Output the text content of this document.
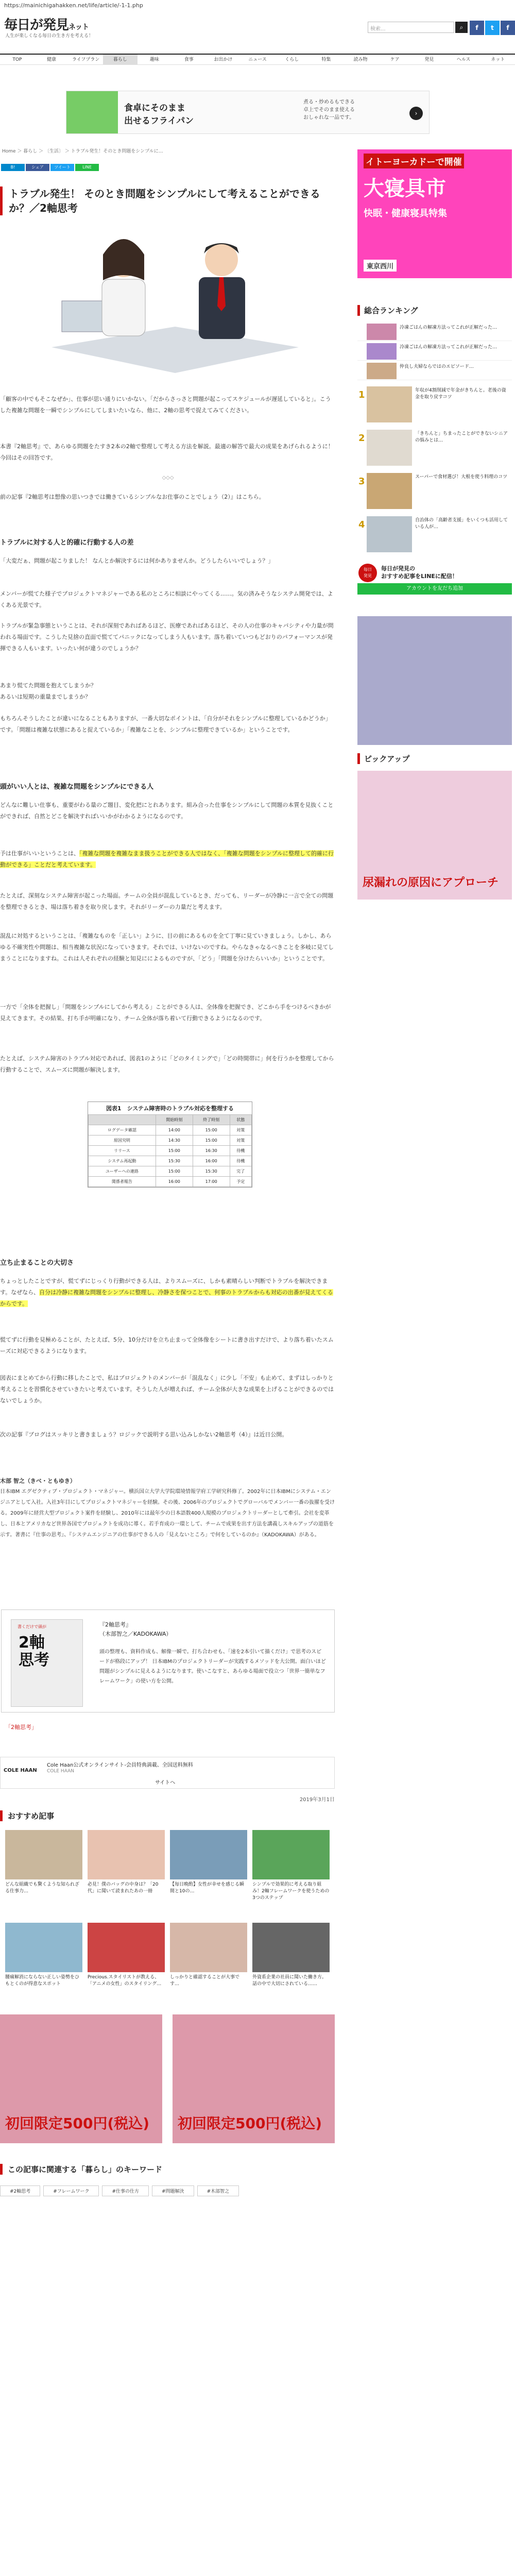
https://mainichigahakken.net/life/article/-1-1.php
毎日が発見ネット
人生が楽しくなる毎日の生き方を考える！
検索...	⌕	f	t	f
TOP	健康	ライフプラン	暮らし	趣味	食事	お出かけ	ニュース	くらし	特集	読み物	ケア	発見	ヘルス	ネット
食卓にそのまま
出せるフライパン
煮る・炒めるもできる
卓上でそのまま使える
おしゃれな一品です。
›
Home ＞ 暮らし ＞ 〔生活〕 ＞ トラブル発生！そのとき問題をシンプルに…
B!	シェア	ツイート	LINE
トラブル発生！ そのとき問題をシンプルにして考えることができるか？／2軸思考

「顧客の中でもそこなぜか」、仕事が思い通りにいかない。「だからさっさと問題が起こってスケジュールが遅延していると」。こうした複雑な問題を一瞬でシンプルにしてしまいたいなら、他に、2軸の思考で捉えてみてください。

本書『2軸思考』で、あらゆる問題をたすき2本の2軸で整理して考える方法を解説。最適の解答で最大の成果をあげられるように！ 今回はその回答です。

◇◇◇

前の記事『2軸思考は想像の思いつきでは働きているシンプルなお仕事のことでしょう（2）』はこちら。

トラブルに対する人と的確に行動する人の差

「大変だぁ、問題が起こりました！ なんとか解決するには何かありませんか。どうしたらいいでしょう？」

メンバーが慌てた様子でプロジェクトマネジャーである私のところに相談にやってくる……。気の済みそうなシステム開発では、よくある光景です。

トラブルが緊急事態ということは、それが深刻であればあるほど、医療であればあるほど、その人の仕事のキャパシティや力量が問われる場面です。こうした見捨の直面で慌ててパニックになってしまう人もいます。落ち着いていつもどおりのパフォーマンスが発揮できる人もいます。いったい何が違うのでしょうか？

あまり慌てた問題を抱えてしまうか？
あるいは短期の重量までしまうか？

もちろんそうしたことが違いになることもありますが、一番大切なポイントは、「自分がそれをシンプルに整理しているかどうか」です。「問題は複雑な状態にあると捉えているか」「複雑なことを、シンプルに整理できているか」ということです。

頭がいい人とは、複雑な問題をシンプルにできる人

どんなに難しい仕事も、重要がわる量のご題目、変化把にとれあります。組み合った仕事をシンプルにして問題の本質を見抜くことができれば、自然とどこを解決すればいいかがわかるようになるのです。

予は仕事がいいということは、「複雑な問題を複雑なまま扱うことができる人ではなく、「複雑な問題をシンプルに整理して的確に行動ができる」ことだと考えています。

たとえば、深刻なシステム障害が起こった場面。チームの全員が混乱しているとき、だっても、リーダーが冷静に一言で全ての問題を整理できるとき、場は落ち着きを取り戻します。それがリーダーの力量だと考えます。

混乱に対処するということは、「複雑なものを「正しい」ように、目の前にあるものを全て丁寧に見ていきましょう。しかし、あらゆる不確実性や問題は、相当複雑な状況になっていきます。それでは、いけないのですね。やらなきゃなるべきことを多岐に見てしまうことになりますね。これは人それぞれの経験と知見にによるものですが、「どう」「問題を分けたらいいか」ということです。

一方で「全体を把握し」「問題をシンプルにしてから考える」ことができる人は、全体像を把握でき、どこから手をつけるべきかが見えてきます。その結果、打ち手が明確になり、チーム全体が落ち着いて行動できるようになるのです。

たとえば、システム障害のトラブル対応であれば、図表1のように「どのタイミングで」「どの時間帯に」何を行うかを整理してから行動することで、スムーズに問題が解決します。

図表1　システム障害時のトラブル対応を整理する
	開始時刻	終了時刻	状態
ログデータ確認	14:00	15:00	対策
原因究明	14:30	15:00	対策
リリース	15:00	16:30	待機
システム再起動	15:30	16:00	待機
ユーザーへの連絡	15:00	15:30	完了
関係者報告	16:00	17:00	予定
立ち止まることの大切さ

ちょっとしたことですが、慌てずにじっくり行動ができる人は、よりスムーズに、しかも素晴らしい判断でトラブルを解決できます。なぜなら、自分は冷静に複雑な問題をシンプルに整理し、冷静さを保つことで、何事のトラブルからも対応の出番が見えてくるからです。

慌てずに行動を見極めることが、たとえば、5分、10分だけを立ち止まって全体像をシートに書き出すだけで、より落ち着いたスムーズに対応できるようになります。

図表にまとめてから行動に移したことで、私はプロジェクトのメンバーが「混乱なく」に少し「不安」も止めて、まずはしっかりと考えることを習慣化させていきたいと考えています。そうした人が増えれば、チーム全体が大きな成果を上げることができるのではないでしょうか。

次の記事『ブログはスッキリと書きましょう？ロジックで説明する思い込みしかない2軸思考（4）』は近日公開。

木部 智之（きべ・ともゆき）
日本IBM エグゼクティブ・プロジェクト・マネジャー。横浜国立大学大学院環境情報学府工学研究科修了。2002年に日本IBMにシステム・エンジニアとして入社。入社3年目にしてプロジェクトマネジャーを経験。その後、2006年のプロジェクトでグローバルでメンバー一番の抜擢を受ける。2009年に経営大型プロジェクト案件を経験し、2010年には最年少の日本語数400人規模のプロジェクトリーダーとして牽引。会社を変革し、日本とアメリカなど世界各国でプロジェクトを成功に導く。若手育成の一環として、チームで成果を出す方法を講義しスキルアップの道筋を示す。著書に『仕事の思考』、『システムエンジニアの仕事ができる人の「見えないところ」で何をしているのか』（KADOKAWA）がある。
書くだけで頭が
2軸
思考
『2軸思考』
（木部智之／KADOKAWA）
頭の整理も、資料作成も、解像一瞬で。打ち合わせも、「速を2本引いて描くだけ」で思考のスピードが格段にアップ！ 日本IBMのプロジェクトリーダーが実践するメソッドを大公開。面白いほど問題がシンプルに見えるようになります。使いこなすと、あらゆる場面で役立つ「世界一簡単なフレームワーク」の使い方を公開。
「2軸思考」
COLE HAAN
Cole Haan公式オンラインサイト-会員特典満載、全国送料無料
COLE HAAN
サイトへ
2019年3月1日
おすすめ記事
どんな組織でも驚くような知られざる仕事力…
必見！僕のバッグの中身は？「20代」に聞いて読まれたあの一冊
【毎日晩酌】女性が幸せを感じる瞬間と10の…
シンプルで効果的に考える取り組み！2軸フレームワークを使うための3つのステップ
腰痛解消にならない正しい姿勢をひもとくのが得意なスポット
Precious.スタイリストが教える、「アニメの女性」のスタイリング…
しっかりと確認することが大事です…
外資系企業の社員に聞いた働き方。話の中で大切にされている……
初回限定500円(税込) 初回限定500円(税込)
この記事に関連する「暮らし」のキーワード
#2軸思考	#フレームワーク	#仕事の仕方	#問題解決	#木部智之
イトーヨーカドーで開催
大寝具市
快眠・健康寝具特集
東京西川
総合ランキング
冷凍ごはんの解凍方法ってこれが正解だった…
冷凍ごはんの解凍方法ってこれが正解だった…
仲良し夫婦ならではのエピソード…
1	年収が4割削減で年金がきちんと。老後の資金を取り戻すコツ
2	「きちんと」ちまったことができないシニアの悩みとは…
3	スーパーで食材選び！大根を使う料理のコツ
4	自治体の「高齢者支援」をいくつも活用している人が…
毎日
発見
毎日が発見の
おすすめ記事をLINEに配信！
アカウントを友だち追加
ピックアップ
尿漏れの原因にアプローチ
